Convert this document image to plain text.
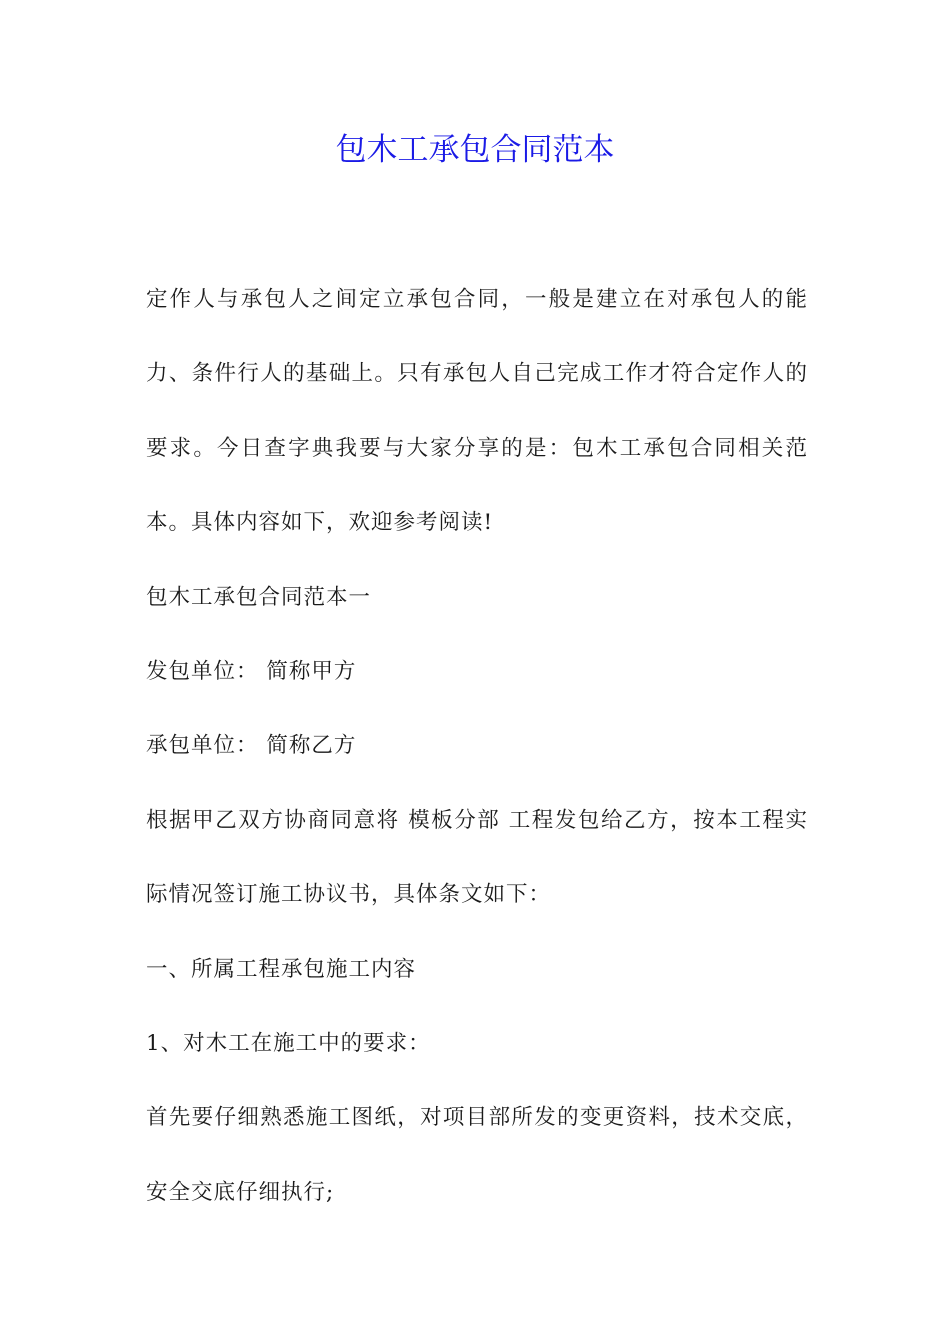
包木工承包合同范本

定作人与承包人之间定立承包合同，一般是建立在对承包人的能力、条件行人的基础上。只有承包人自己完成工作才符合定作人的要求。今日查字典我要与大家分享的是：包木工承包合同相关范本。具体内容如下，欢迎参考阅读!

包木工承包合同范本一

发包单位： 简称甲方

承包单位： 简称乙方

根据甲乙双方协商同意将 模板分部 工程发包给乙方，按本工程实际情况签订施工协议书，具体条文如下：

一、所属工程承包施工内容

1、对木工在施工中的要求：

首先要仔细熟悉施工图纸，对项目部所发的变更资料，技术交底，安全交底仔细执行;
